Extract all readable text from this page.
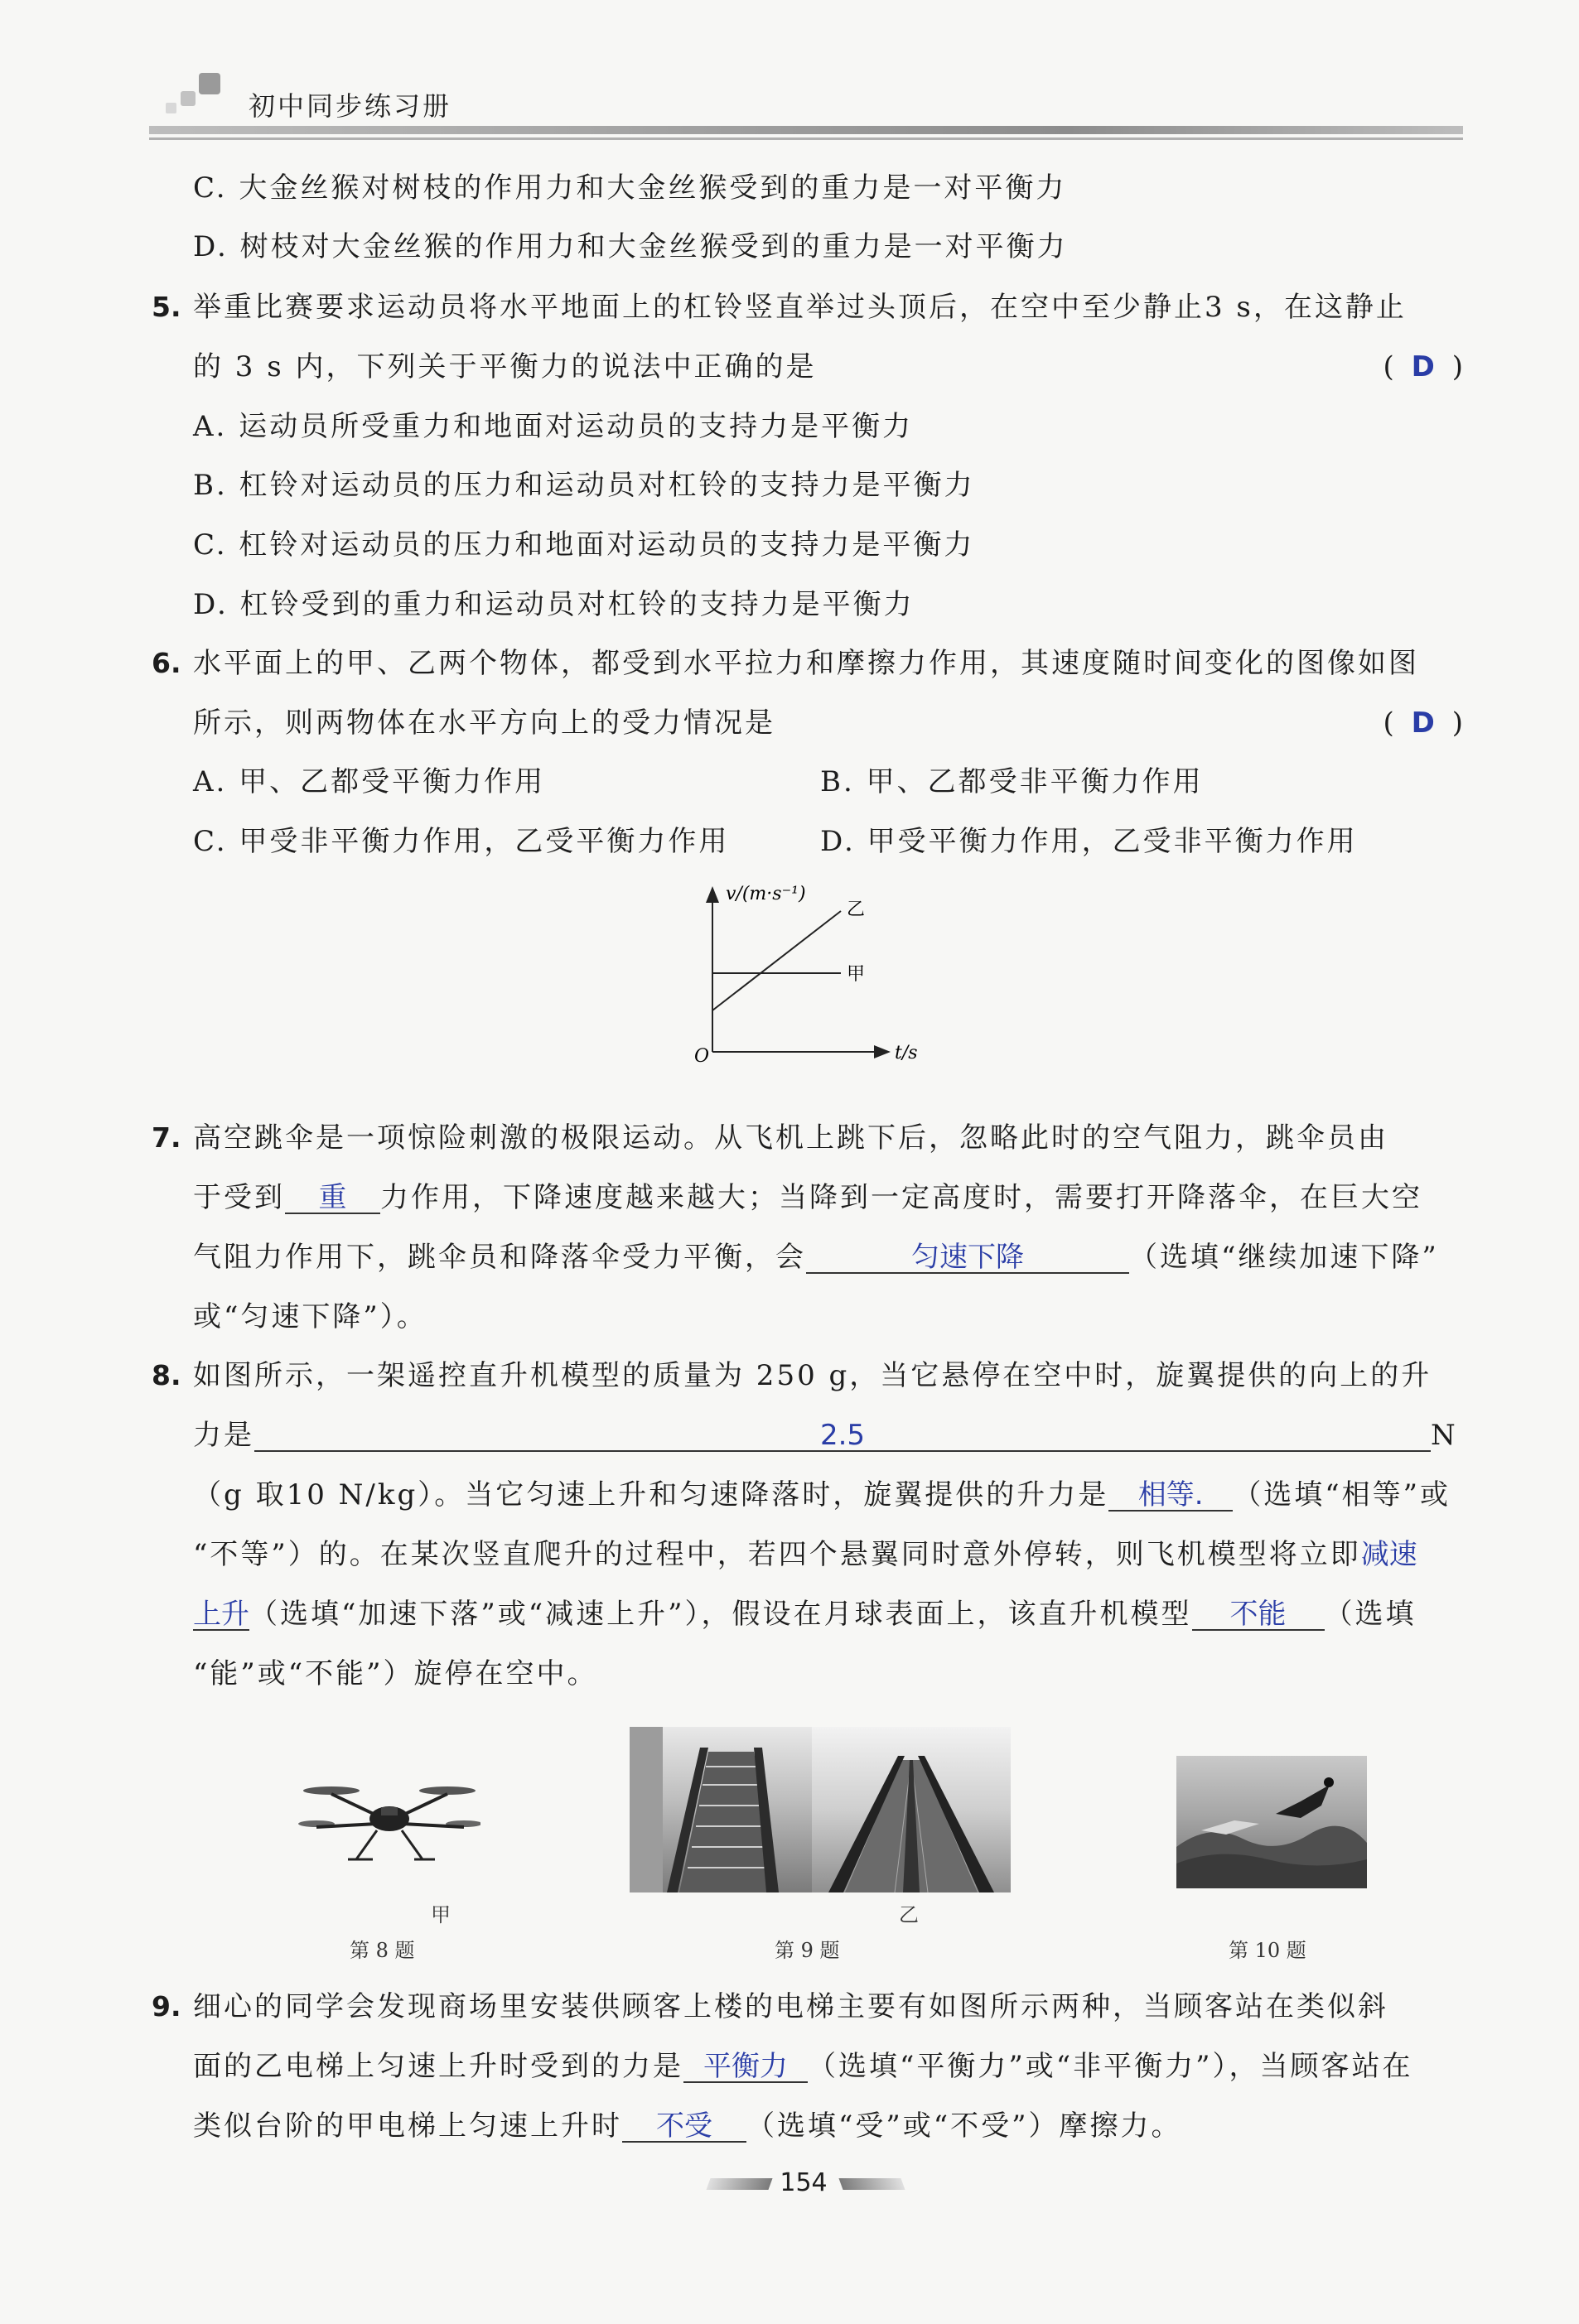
初中同步练习册
C. 大金丝猴对树枝的作用力和大金丝猴受到的重力是一对平衡力
D. 树枝对大金丝猴的作用力和大金丝猴受到的重力是一对平衡力
5. 举重比赛要求运动员将水平地面上的杠铃竖直举过头顶后，在空中至少静止3 s，在这静止
的 3 s 内，下列关于平衡力的说法中正确的是	( D )
A. 运动员所受重力和地面对运动员的支持力是平衡力
B. 杠铃对运动员的压力和运动员对杠铃的支持力是平衡力
C. 杠铃对运动员的压力和地面对运动员的支持力是平衡力
D. 杠铃受到的重力和运动员对杠铃的支持力是平衡力
6. 水平面上的甲、乙两个物体，都受到水平拉力和摩擦力作用，其速度随时间变化的图像如图
所示，则两物体在水平方向上的受力情况是	( D )
A. 甲、乙都受平衡力作用	B. 甲、乙都受非平衡力作用
C. 甲受非平衡力作用，乙受平衡力作用	D. 甲受平衡力作用，乙受非平衡力作用
v/(m·s⁻¹)
t/s
O
甲
乙
7. 高空跳伞是一项惊险刺激的极限运动。从飞机上跳下后，忽略此时的空气阻力，跳伞员由
于受到 重 力作用，下降速度越来越大；当降到一定高度时，需要打开降落伞，在巨大空
气阻力作用下，跳伞员和降落伞受力平衡，会	匀速下降	（选填“继续加速下降”
或“匀速下降”）。
8. 如图所示，一架遥控直升机模型的质量为 250 g，当它悬停在空中时，旋翼提供的向上的升
力是	2.5	N
（g 取10 N/kg）。当它匀速上升和匀速降落时，旋翼提供的升力是 相等. （选填“相等”或
“不等”）的。在某次竖直爬升的过程中，若四个悬翼同时意外停转，则飞机模型将立即减速
上升（选填“加速下落”或“减速上升”），假设在月球表面上，该直升机模型 不能 （选填
“能”或“不能”）旋停在空中。
甲	乙
第 8 题	第 9 题	第 10 题
9. 细心的同学会发现商场里安装供顾客上楼的电梯主要有如图所示两种，当顾客站在类似斜
面的乙电梯上匀速上升时受到的力是 平衡力 （选填“平衡力”或“非平衡力”），当顾客站在
类似台阶的甲电梯上匀速上升时 不受 （选填“受”或“不受”）摩擦力。
154
